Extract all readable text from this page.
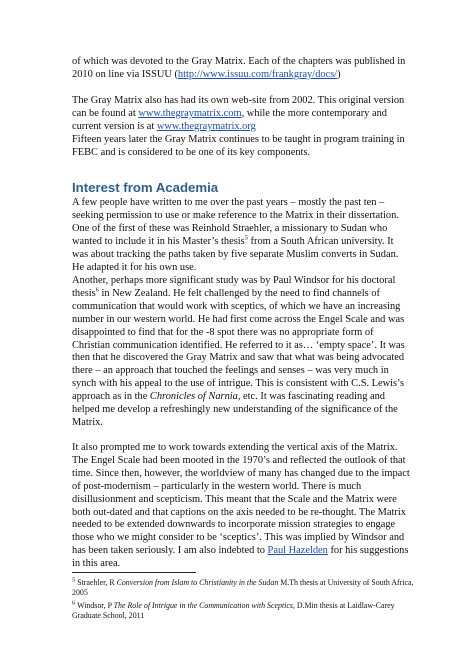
of which was devoted to the Gray Matrix. Each of the chapters was published in 2010 on line via ISSUU (http://www.issuu.com/frankgray/docs/)

The Gray Matrix also has had its own web-site from 2002. This original version can be found at www.thegraymatrix.com, while the more contemporary and current version is at www.thegraymatrix.org

Fifteen years later the Gray Matrix continues to be taught in program training in FEBC and is considered to be one of its key components.

Interest from Academia

A few people have written to me over the past years – mostly the past ten – seeking permission to use or make reference to the Matrix in their dissertation. One of the first of these was Reinhold Straehler, a missionary to Sudan who wanted to include it in his Master’s thesis$^5$ from a South African university. It was about tracking the paths taken by five separate Muslim converts in Sudan. He adapted it for his own use.

Another, perhaps more significant study was by Paul Windsor for his doctoral thesis$^6$ in New Zealand. He felt challenged by the need to find channels of communication that would work with sceptics, of which we have an increasing number in our western world. He had first come across the Engel Scale and was disappointed to find that for the -8 spot there was no appropriate form of Christian communication identified. He referred to it as… ‘empty space’. It was then that he discovered the Gray Matrix and saw that what was being advocated there – an approach that touched the feelings and senses – was very much in synch with his appeal to the use of intrigue. This is consistent with C.S. Lewis’s approach as in the Chronicles of Narnia, etc. It was fascinating reading and helped me develop a refreshingly new understanding of the significance of the Matrix.

It also prompted me to work towards extending the vertical axis of the Matrix. The Engel Scale had been mooted in the 1970’s and reflected the outlook of that time. Since then, however, the worldview of many has changed due to the impact of post-modernism – particularly in the western world. There is much disillusionment and scepticism. This meant that the Scale and the Matrix were both out-dated and that captions on the axis needed to be re-thought. The Matrix needed to be extended downwards to incorporate mission strategies to engage those who we might consider to be ‘sceptics’. This was implied by Windsor and has been taken seriously. I am also indebted to Paul Hazelden for his suggestions in this area.

$^5$ Straehler, R Conversion from Islam to Christianity in the Sudan M.Th thesis at University of South Africa, 2005

$^6$ Windsor, P The Role of Intrigue in the Communication with Sceptics, D.Min thesis at Laidlaw-Carey Graduate School, 2011
